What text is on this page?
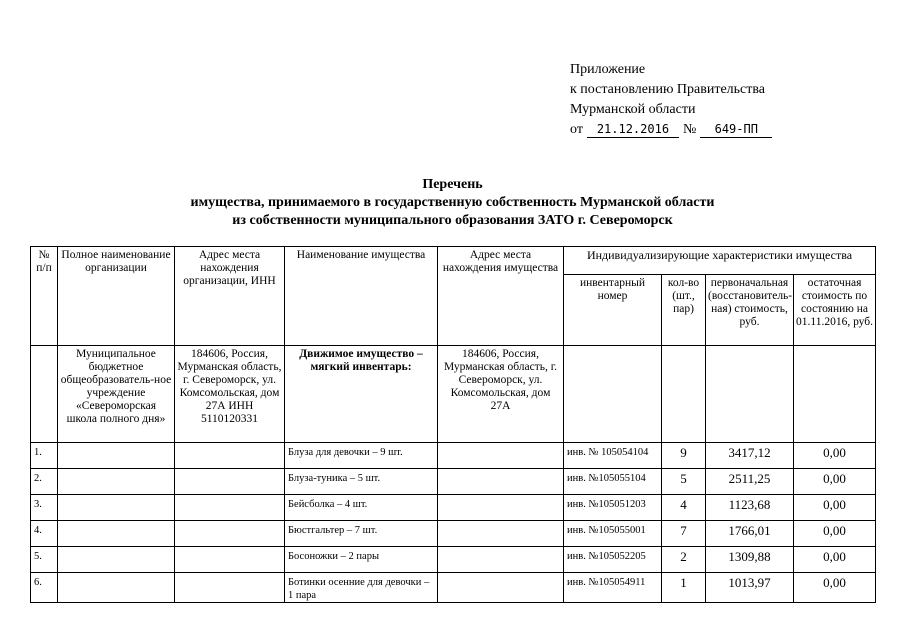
Приложение
к постановлению Правительства
Мурманской области
от 21.12.2016 № 649-ПП
Перечень
имущества, принимаемого в государственную собственность Мурманской области
из собственности муниципального образования ЗАТО г. Североморск
№ п/п	Полное наименование организации	Адрес места нахождения организации, ИНН	Наименование имущества	Адрес места нахождения имущества	Индивидуализирующие характеристики имущества			
					инвентарный номер	кол-во (шт., пар)	первоначальная (восстановитель-ная) стоимость, руб.	остаточная стоимость по состоянию на 01.11.2016, руб.
	Муниципальное бюджетное общеобразователь-ное учреждение «Североморская школа полного дня»	184606, Россия, Мурманская область, г. Североморск, ул. Комсомольская, дом 27А ИНН 5110120331	Движимое имущество – мягкий инвентарь:	184606, Россия, Мурманская область, г. Североморск, ул. Комсомольская, дом 27А				
1.			Блуза для девочки – 9 шт.		инв. № 105054104	9	3417,12	0,00
2.			Блуза-туника – 5 шт.		инв. №105055104	5	2511,25	0,00
3.			Бейсболка – 4 шт.		инв. №105051203	4	1123,68	0,00
4.			Бюстгальтер – 7 шт.		инв. №105055001	7	1766,01	0,00
5.			Босоножки – 2 пары		инв. №105052205	2	1309,88	0,00
6.			Ботинки осенние для девочки – 1 пара		инв. №105054911	1	1013,97	0,00
